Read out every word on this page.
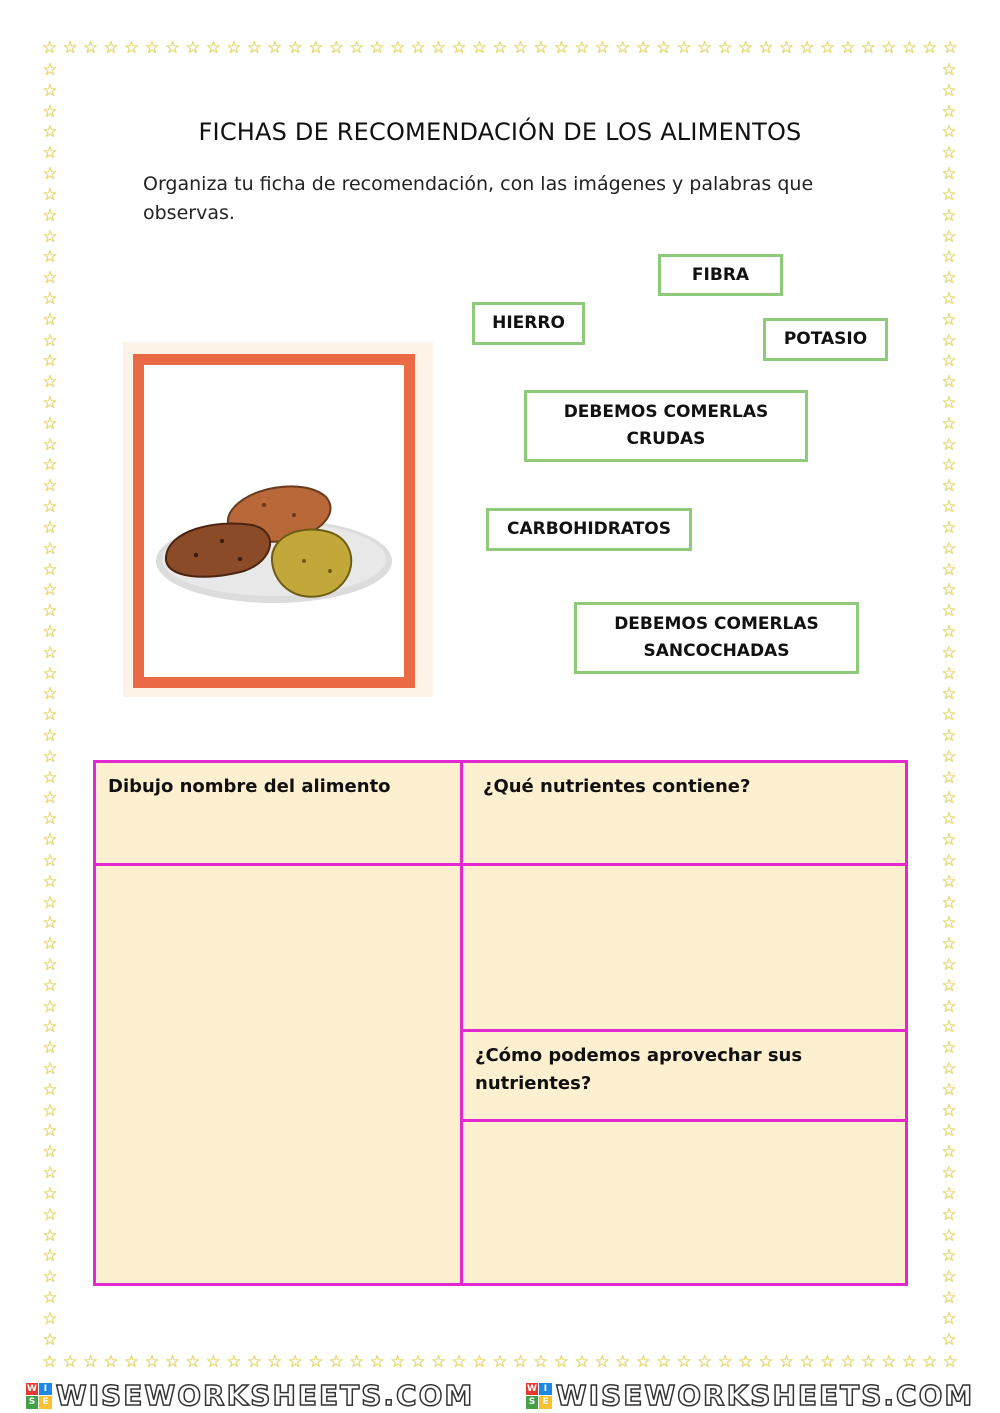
☆ ☆ ☆ ☆ ☆ ☆ ☆ ☆ ☆ ☆ ☆ ☆ ☆ ☆ ☆ ☆ ☆ ☆ ☆ ☆ ☆ ☆ ☆ ☆ ☆ ☆ ☆ ☆ ☆ ☆ ☆ ☆ ☆ ☆ ☆ ☆ ☆ ☆ ☆ ☆ ☆ ☆ ☆ ☆ ☆
☆ ☆ ☆ ☆ ☆ ☆ ☆ ☆ ☆ ☆ ☆ ☆ ☆ ☆ ☆ ☆ ☆ ☆ ☆ ☆ ☆ ☆ ☆ ☆ ☆ ☆ ☆ ☆ ☆ ☆ ☆ ☆ ☆ ☆ ☆ ☆ ☆ ☆ ☆ ☆ ☆ ☆ ☆ ☆ ☆
☆
☆
☆
☆
☆
☆
☆
☆
☆
☆
☆
☆
☆
☆
☆
☆
☆
☆
☆
☆
☆
☆
☆
☆
☆
☆
☆
☆
☆
☆
☆
☆
☆
☆
☆
☆
☆
☆
☆
☆
☆
☆
☆
☆
☆
☆
☆
☆
☆
☆
☆
☆
☆
☆
☆
☆
☆
☆
☆
☆
☆
☆
☆
☆
☆
☆
☆
☆
☆
☆
☆
☆
☆
☆
☆
☆
☆
☆
☆
☆
☆
☆
☆
☆
☆
☆
☆
☆
☆
☆
☆
☆
☆
☆
☆
☆
☆
☆
☆
☆
☆
☆
☆
☆
☆
☆
☆
☆
☆
☆
☆
☆
☆
☆
☆
☆
☆
☆
☆
☆
☆
☆
☆
☆
FICHAS DE RECOMENDACIÓN DE LOS ALIMENTOS
Organiza tu ficha de recomendación, con las imágenes y palabras que observas.
FIBRA
HIERRO
POTASIO
DEBEMOS COMERLAS CRUDAS
CARBOHIDRATOS
DEBEMOS COMERLAS SANCOCHADAS
Dibujo nombre del alimento	¿Qué nutrientes contiene?

	¿Cómo podemos aprovechar sus nutrientes?

W I
S E WISEWORKSHEETS.COM	W I
S E WISEWORKSHEETS.COM
